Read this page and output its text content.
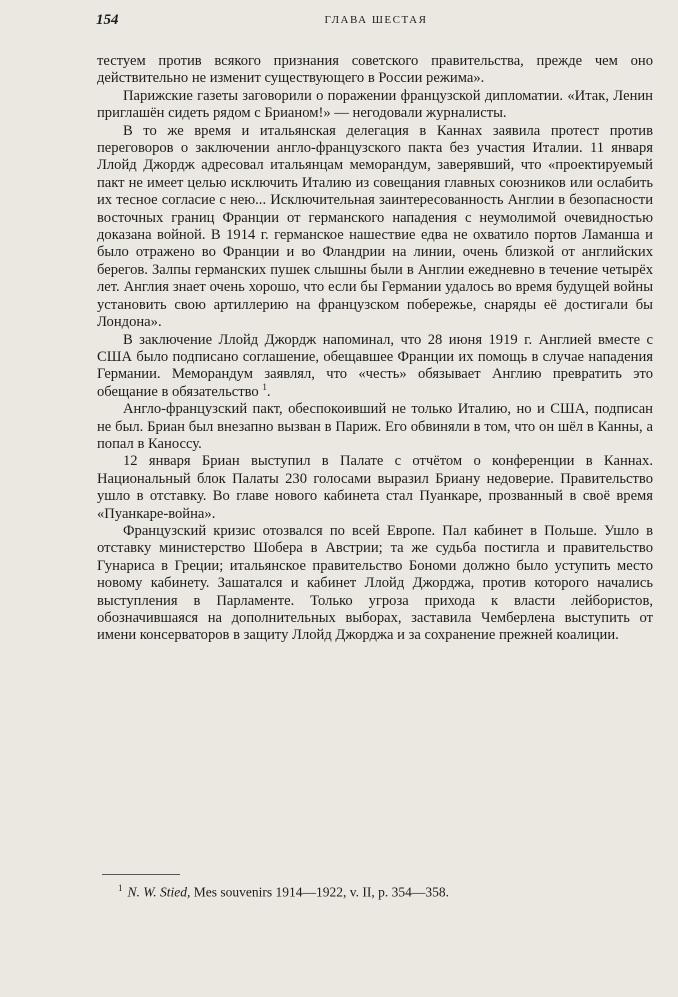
154	ГЛАВА ШЕСТАЯ

тестуем против всякого признания советского правительства, прежде чем оно действительно не изменит существующего в России режима».

Парижские газеты заговорили о поражении французской дипломатии. «Итак, Ленин приглашён сидеть рядом с Брианом!» — негодовали журналисты.

В то же время и итальянская делегация в Каннах заявила протест против переговоров о заключении англо-французского пакта без участия Италии. 11 января Ллойд Джордж адресовал итальянцам меморандум, заверявший, что «проектируемый пакт не имеет целью исключить Италию из совещания главных союзников или ослабить их тесное согласие с нею... Исключительная заинтересованность Англии в безопасности восточных границ Франции от германского нападения с неумолимой очевидностью доказана войной. В 1914 г. германское нашествие едва не охватило портов Ламанша и было отражено во Франции и во Фландрии на линии, очень близкой от английских берегов. Залпы германских пушек слышны были в Англии ежедневно в течение четырёх лет. Англия знает очень хорошо, что если бы Германии удалось во время будущей войны установить свою артиллерию на французском побережье, снаряды её достигали бы Лондона».

В заключение Ллойд Джордж напоминал, что 28 июня 1919 г. Англией вместе с США было подписано соглашение, обещавшее Франции их помощь в случае нападения Германии. Меморандум заявлял, что «честь» обязывает Англию превратить это обещание в обязательство $^1$.

Англо-французский пакт, обеспокоивший не только Италию, но и США, подписан не был. Бриан был внезапно вызван в Париж. Его обвиняли в том, что он шёл в Канны, а попал в Каноссу.

12 января Бриан выступил в Палате с отчётом о конференции в Каннах. Национальный блок Палаты 230 голосами выразил Бриану недоверие. Правительство ушло в отставку. Во главе нового кабинета стал Пуанкаре, прозванный в своё время «Пуанкаре-война».

Французский кризис отозвался по всей Европе. Пал кабинет в Польше. Ушло в отставку министерство Шобера в Австрии; та же судьба постигла и правительство Гунариса в Греции; итальянское правительство Бономи должно было уступить место новому кабинету. Зашатался и кабинет Ллойд Джорджа, против которого начались выступления в Парламенте. Только угроза прихода к власти лейбористов, обозначившаяся на дополнительных выборах, заставила Чемберлена выступить от имени консерваторов в защиту Ллойд Джорджа и за сохранение прежней коалиции.

$^1$ N. W. Stied, Mes souvenirs 1914—1922, v. II, p. 354—358.
